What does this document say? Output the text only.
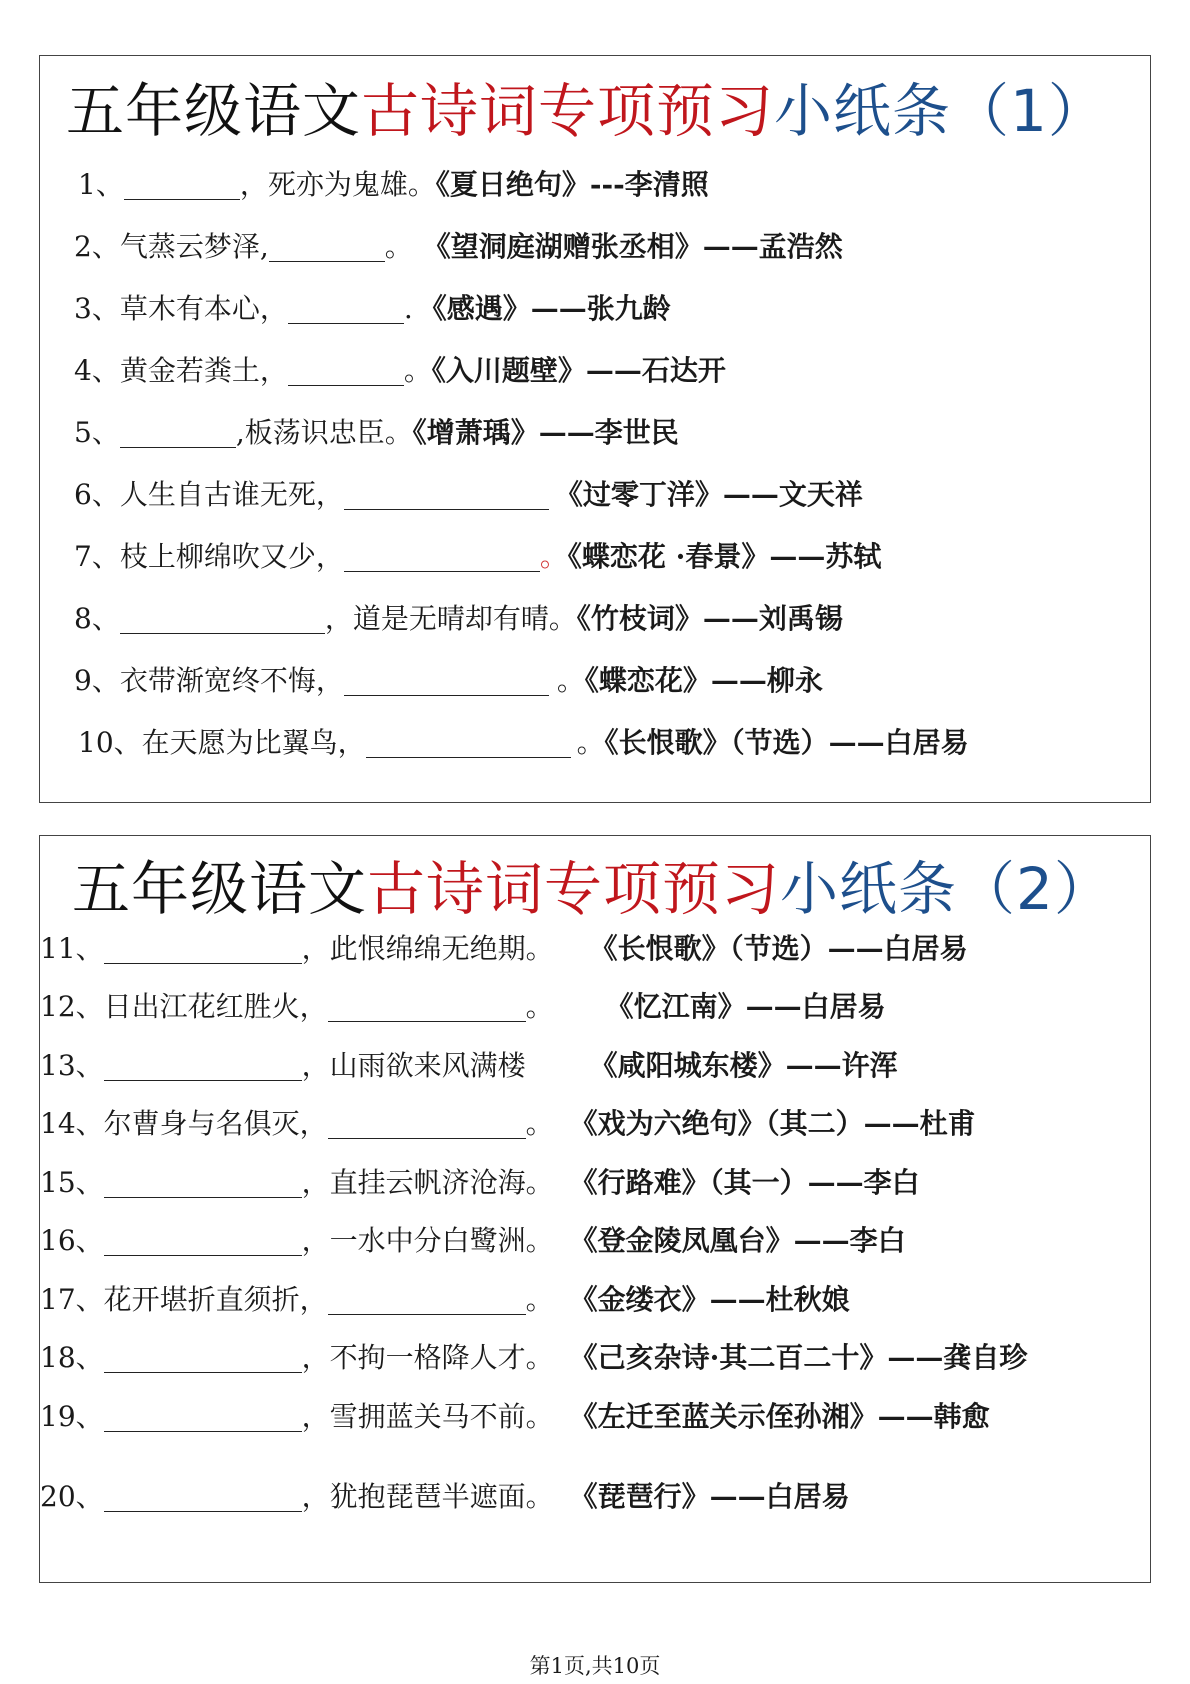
五年级语文古诗词专项预习小纸条（1）
1、	，死亦为鬼雄。《夏日绝句》---李清照
2、气蒸云梦泽,	。 《望洞庭湖赠张丞相》——孟浩然
3、草木有本心，	. 《感遇》——张九龄
4、黄金若粪土，	。《入川题壁》——石达开
5、	,板荡识忠臣。《增萧瑀》——李世民
6、人生自古谁无死，	《过零丁洋》——文天祥
7、枝上柳绵吹又少，	。《蝶恋花 ·春景》——苏轼
8、	，道是无晴却有晴。《竹枝词》——刘禹锡
9、衣带渐宽终不悔，	。《蝶恋花》——柳永
10、在天愿为比翼鸟，	。《长恨歌》（节选）——白居易
五年级语文古诗词专项预习小纸条（2）
11、	，此恨绵绵无绝期。 《长恨歌》（节选）——白居易
12、日出江花红胜火，	。 《忆江南》——白居易
13、	，山雨欲来风满楼 《咸阳城东楼》——许浑
14、尔曹身与名俱灭，	。 《戏为六绝句》（其二）——杜甫
15、	，直挂云帆济沧海。 《行路难》（其一）——李白
16、	，一水中分白鹭洲。 《登金陵凤凰台》——李白
17、花开堪折直须折，	。 《金缕衣》——杜秋娘
18、	，不拘一格降人才。 《己亥杂诗·其二百二十》——龚自珍
19、	，雪拥蓝关马不前。 《左迁至蓝关示侄孙湘》——韩愈
20、	，犹抱琵琶半遮面。 《琵琶行》——白居易
第1页,共10页
